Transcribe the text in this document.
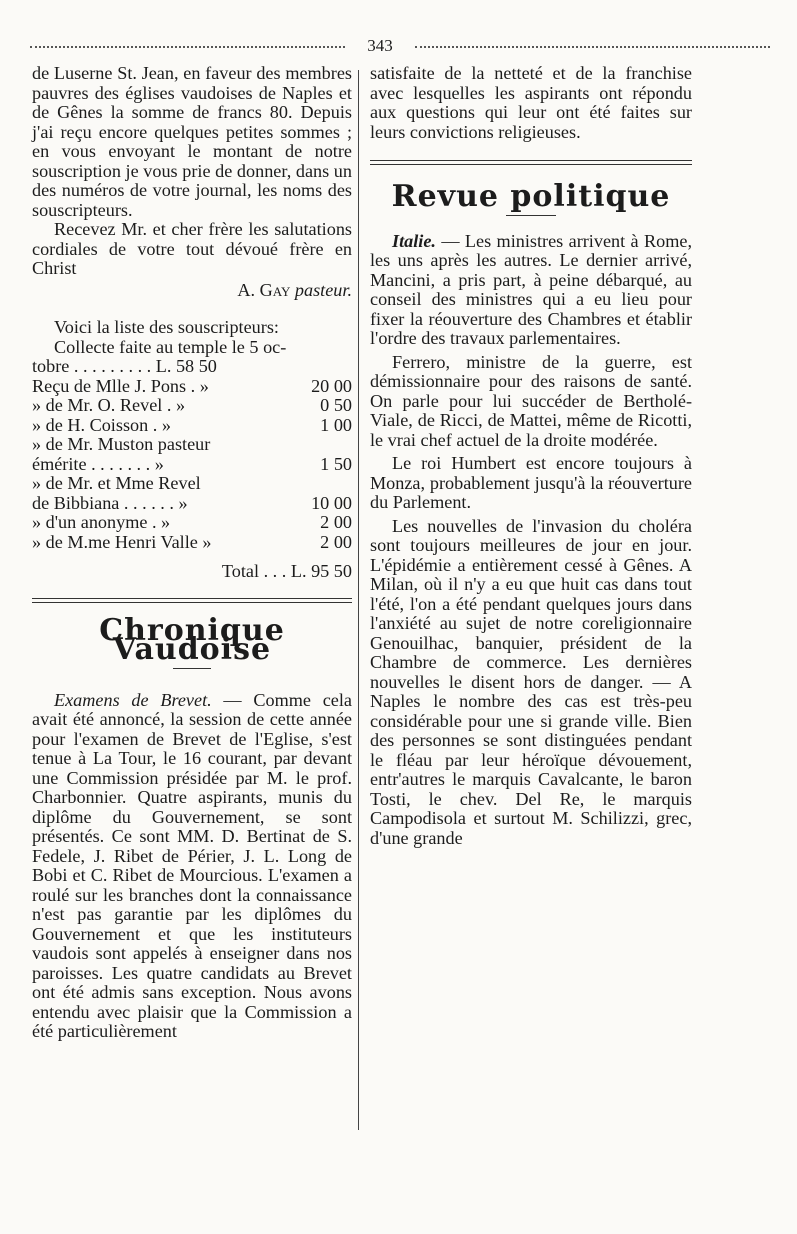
343

de Luserne St. Jean, en faveur des membres pauvres des églises vaudoises de Naples et de Gênes la somme de francs 80. Depuis j'ai reçu encore quelques petites sommes ; en vous envoyant le montant de notre souscription je vous prie de donner, dans un des numéros de votre journal, les noms des souscripteurs.

Recevez Mr. et cher frère les salutations cordiales de votre tout dévoué frère en Christ

A. Gay pasteur.

Voici la liste des souscripteurs:

Collecte faite au temple le 5 oc-

tobre . . . . . . . . . L. 58 50

Reçu de Mlle J. Pons . »	20 00
» de Mr. O. Revel . »	0 50
» de H. Coisson . »	1 00
» de Mr. Muston pasteur
émérite . . . . . . . »	1 50
» de Mr. et Mme Revel
de Bibbiana . . . . . . »	10 00
» d'un anonyme . »	2 00
» de M.me Henri Valle »	2 00

Total . . . L. 95 50

Chronique Vaudoise

Examens de Brevet. — Comme cela avait été annoncé, la session de cette année pour l'examen de Brevet de l'Eglise, s'est tenue à La Tour, le 16 courant, par devant une Commission présidée par M. le prof. Charbonnier. Quatre aspirants, munis du diplôme du Gouvernement, se sont présentés. Ce sont MM. D. Bertinat de S. Fedele, J. Ribet de Périer, J. L. Long de Bobi et C. Ribet de Mourcious. L'examen a roulé sur les branches dont la connaissance n'est pas garantie par les diplômes du Gouvernement et que les instituteurs vaudois sont appelés à enseigner dans nos paroisses. Les quatre candidats au Brevet ont été admis sans exception. Nous avons entendu avec plaisir que la Commission a été particulièrement

satisfaite de la netteté et de la franchise avec lesquelles les aspirants ont répondu aux questions qui leur ont été faites sur leurs convictions religieuses.

Revue politique

Italie. — Les ministres arrivent à Rome, les uns après les autres. Le dernier arrivé, Mancini, a pris part, à peine débarqué, au conseil des ministres qui a eu lieu pour fixer la réouverture des Chambres et établir l'ordre des travaux parlementaires.

Ferrero, ministre de la guerre, est démissionnaire pour des raisons de santé. On parle pour lui succéder de Bertholé-Viale, de Ricci, de Mattei, même de Ricotti, le vrai chef actuel de la droite modérée.

Le roi Humbert est encore toujours à Monza, probablement jusqu'à la réouverture du Parlement.

Les nouvelles de l'invasion du choléra sont toujours meilleures de jour en jour. L'épidémie a entièrement cessé à Gênes. A Milan, où il n'y a eu que huit cas dans tout l'été, l'on a été pendant quelques jours dans l'anxiété au sujet de notre coreligionnaire Genouilhac, banquier, président de la Chambre de commerce. Les dernières nouvelles le disent hors de danger. — A Naples le nombre des cas est très-peu considérable pour une si grande ville. Bien des personnes se sont distinguées pendant le fléau par leur héroïque dévouement, entr'autres le marquis Cavalcante, le baron Tosti, le chev. Del Re, le marquis Campodisola et surtout M. Schilizzi, grec, d'une grande
